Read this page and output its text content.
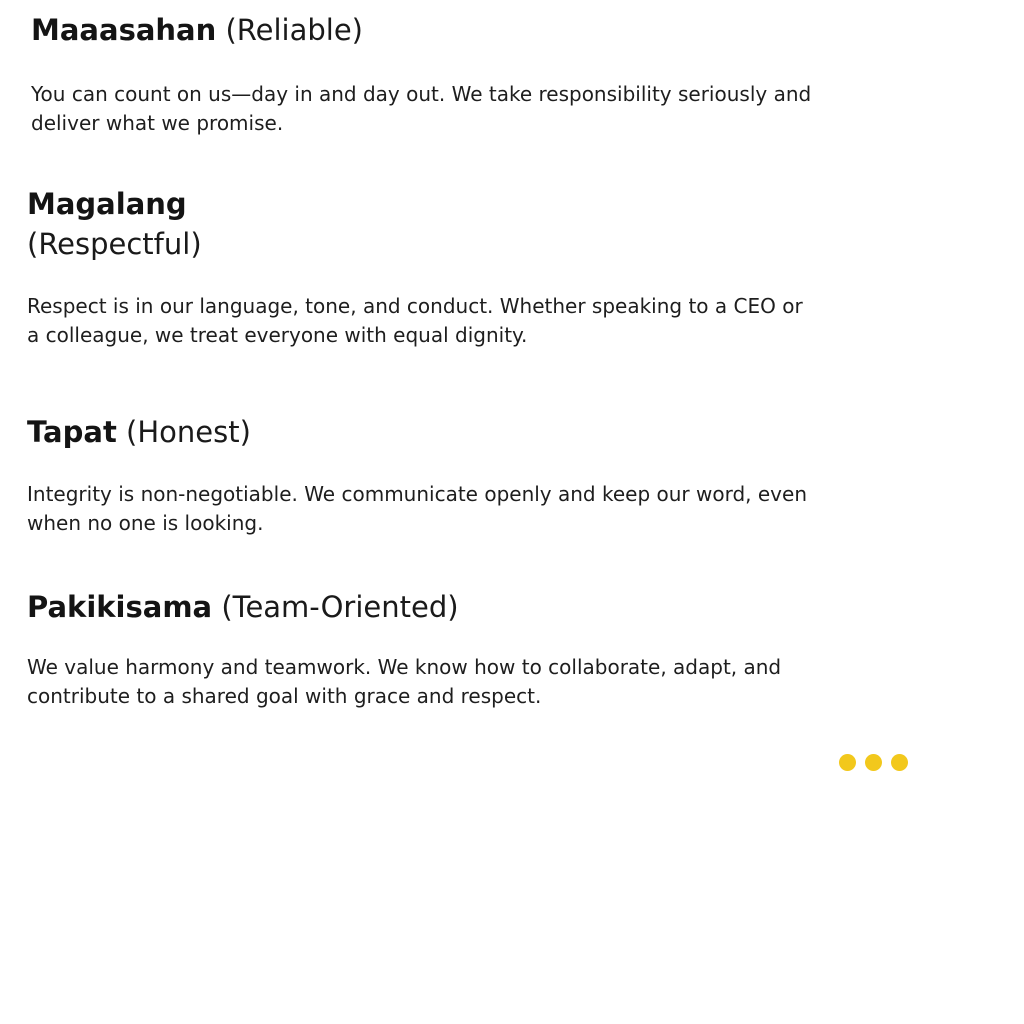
Maaasahan (Reliable)

You can count on us—day in and day out. We take responsibility seriously and deliver what we promise.

Magalang
(Respectful)

Respect is in our language, tone, and conduct. Whether speaking to a CEO or a colleague, we treat everyone with equal dignity.

Tapat (Honest)

Integrity is non-negotiable. We communicate openly and keep our word, even when no one is looking.

Pakikisama (Team-Oriented)

We value harmony and teamwork. We know how to collaborate, adapt, and contribute to a shared goal with grace and respect.
